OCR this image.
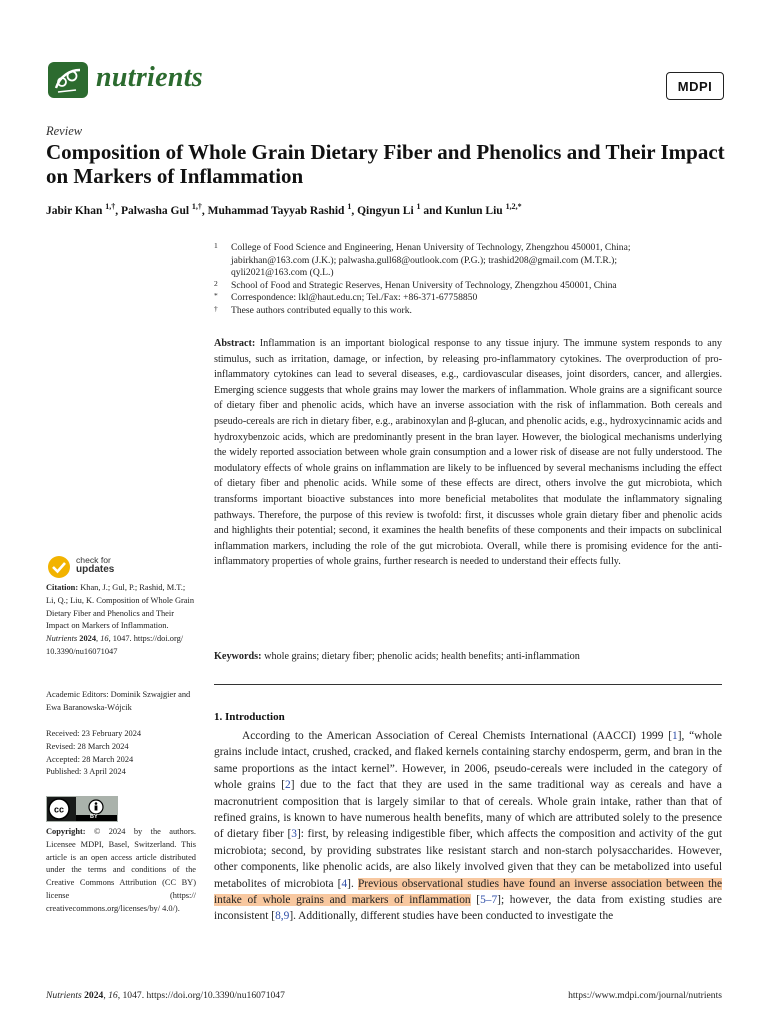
nutrients	MDPI
Review
Composition of Whole Grain Dietary Fiber and Phenolics and Their Impact on Markers of Inflammation
Jabir Khan $^{1,\dagger}$, Palwasha Gul $^{1,\dagger}$, Muhammad Tayyab Rashid $^1$, Qingyun Li $^1$ and Kunlun Liu $^{1,2,*}$
1 College of Food Science and Engineering, Henan University of Technology, Zhengzhou 450001, China;
jabirkhan@163.com (J.K.); palwasha.gull68@outlook.com (P.G.); trashid208@gmail.com (M.T.R.);
qyli2021@163.com (Q.L.)
2 School of Food and Strategic Reserves, Henan University of Technology, Zhengzhou 450001, China
* Correspondence: lkl@haut.edu.cn; Tel./Fax: +86-371-67758850
† These authors contributed equally to this work.
Abstract: Inflammation is an important biological response to any tissue injury. The immune system responds to any stimulus, such as irritation, damage, or infection, by releasing pro-inflammatory cytokines. The overproduction of pro-inflammatory cytokines can lead to several diseases, e.g., cardiovascular diseases, joint disorders, cancer, and allergies. Emerging science suggests that whole grains may lower the markers of inflammation. Whole grains are a significant source of dietary fiber and phenolic acids, which have an inverse association with the risk of inflammation. Both cereals and pseudo-cereals are rich in dietary fiber, e.g., arabinoxylan and β-glucan, and phenolic acids, e.g., hydroxycinnamic acids and hydroxybenzoic acids, which are predominantly present in the bran layer. However, the biological mechanisms underlying the widely reported association between whole grain consumption and a lower risk of disease are not fully understood. The modulatory effects of whole grains on inflammation are likely to be influenced by several mechanisms including the effect of dietary fiber and phenolic acids. While some of these effects are direct, others involve the gut microbiota, which transforms important bioactive substances into more beneficial metabolites that modulate the inflammatory signaling pathways. Therefore, the purpose of this review is twofold: first, it discusses whole grain dietary fiber and phenolic acids and highlights their potential; second, it examines the health benefits of these components and their impacts on subclinical inflammation markers, including the role of the gut microbiota. Overall, while there is promising evidence for the anti-inflammatory properties of whole grains, further research is needed to understand their effects fully.
Keywords: whole grains; dietary fiber; phenolic acids; health benefits; anti-inflammation
check for
updates
Citation: Khan, J.; Gul, P.; Rashid, M.T.; Li, Q.; Liu, K. Composition of Whole Grain Dietary Fiber and Phenolics and Their Impact on Markers of Inflammation. Nutrients 2024, 16, 1047. https://doi.org/ 10.3390/nu16071047
Academic Editors: Dominik Szwajgier and Ewa Baranowska-Wójcik
Received: 23 February 2024
Revised: 28 March 2024
Accepted: 28 March 2024
Published: 3 April 2024
cc
BY
Copyright: © 2024 by the authors. Licensee MDPI, Basel, Switzerland. This article is an open access article distributed under the terms and conditions of the Creative Commons Attribution (CC BY) license (https:// creativecommons.org/licenses/by/ 4.0/).
1. Introduction

According to the American Association of Cereal Chemists International (AACCI) 1999 [1], “whole grains include intact, crushed, cracked, and flaked kernels containing starchy endosperm, germ, and bran in the same proportions as the intact kernel”. However, in 2006, pseudo-cereals were included in the category of whole grains [2] due to the fact that they are used in the same traditional way as cereals and have a macronutrient composition that is largely similar to that of cereals. Whole grain intake, rather than that of refined grains, is known to have numerous health benefits, many of which are attributed solely to the presence of dietary fiber [3]: first, by releasing indigestible fiber, which affects the composition and activity of the gut microbiota; second, by providing substrates like resistant starch and non-starch polysaccharides. However, other components, like phenolic acids, are also likely involved given that they can be metabolized into useful metabolites of microbiota [4]. Previous observational studies have found an inverse association between the intake of whole grains and markers of inflammation [5–7]; however, the data from existing studies are inconsistent [8,9]. Additionally, different studies have been conducted to investigate the

Nutrients 2024, 16, 1047. https://doi.org/10.3390/nu16071047	https://www.mdpi.com/journal/nutrients
